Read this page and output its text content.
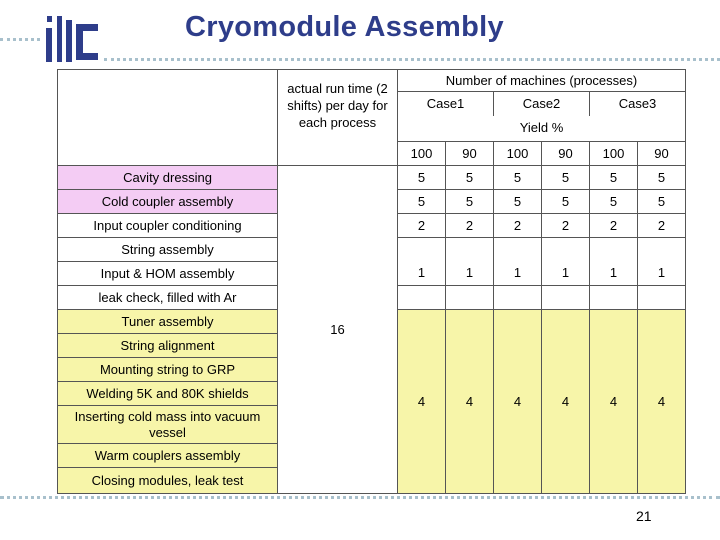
Cryomodule Assembly
	actual run time (2 shifts) per day for each process	Number of machines (processes)					
		Case1		Case2		Case3	
		Yield %					
		100	90	100	90	100	90
Cavity dressing	16	5	5	5	5	5	5
Cold coupler assembly		5	5	5	5	5	5
Input coupler conditioning		2	2	2	2	2	2
String assembly							
Input & HOM assembly		1	1	1	1	1	1
leak check, filled with Ar							
Tuner assembly		4	4	4	4	4	4
String alignment							
Mounting string to GRP							
Welding 5K and 80K shields							
Inserting cold mass into vacuum vessel							
Warm couplers assembly							
Closing modules, leak test							
21
